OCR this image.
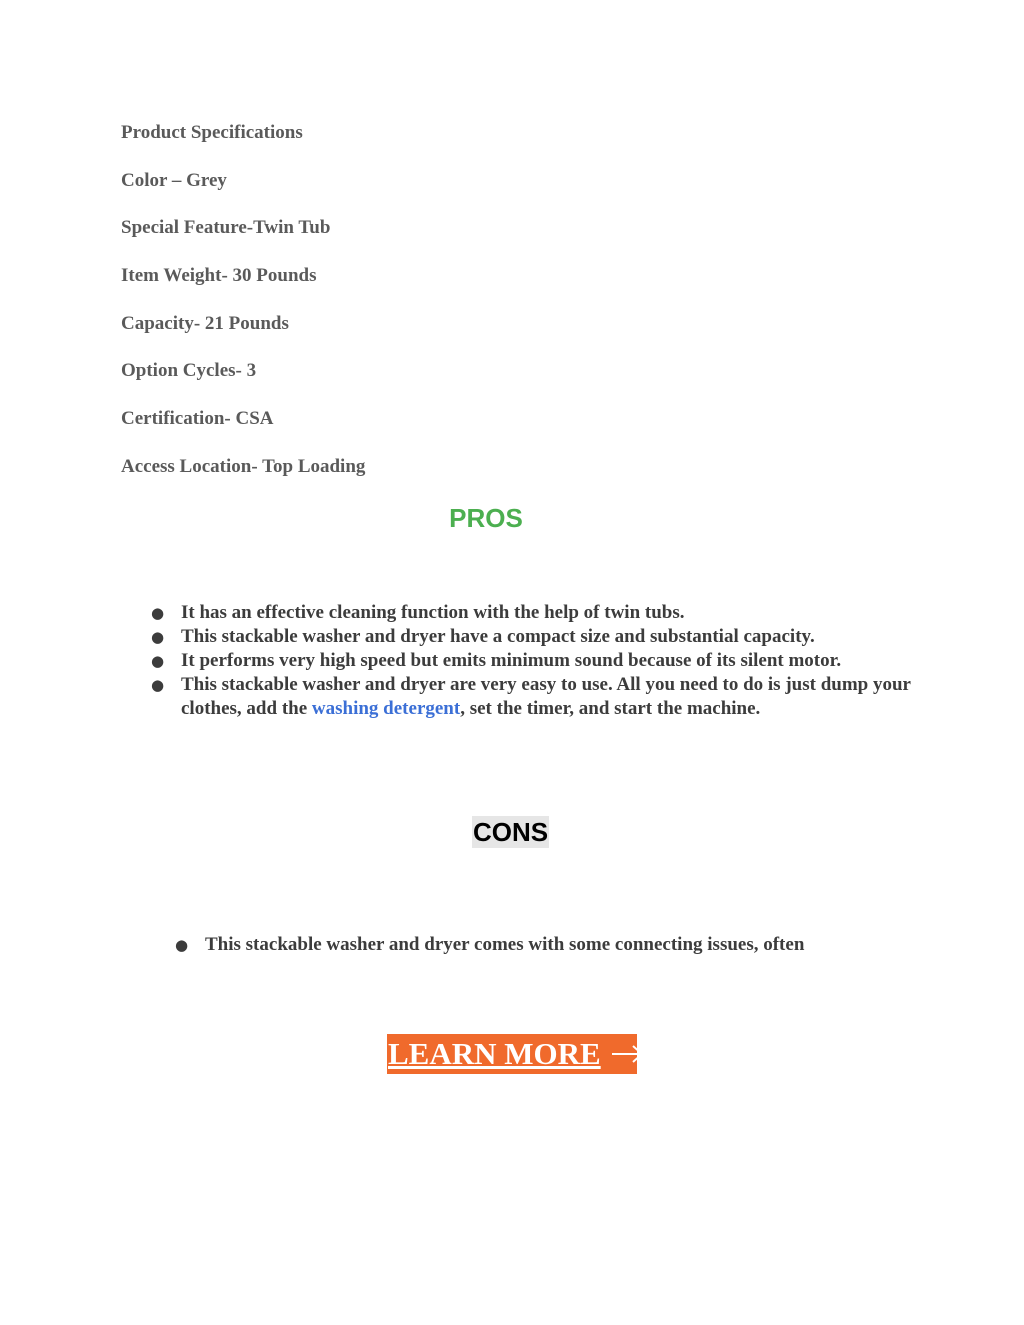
Product Specifications

Color – Grey

Special Feature-Twin Tub

Item Weight- 30 Pounds

Capacity- 21 Pounds

Option Cycles- 3

Certification- CSA

Access Location- Top Loading

PROS
● It has an effective cleaning function with the help of twin tubs.
● This stackable washer and dryer have a compact size and substantial capacity.
● It performs very high speed but emits minimum sound because of its silent motor.
● This stackable washer and dryer are very easy to use. All you need to do is just dump your clothes, add the washing detergent, set the timer, and start the machine.
CONS
● This stackable washer and dryer comes with some connecting issues, often
LEARN MORE
